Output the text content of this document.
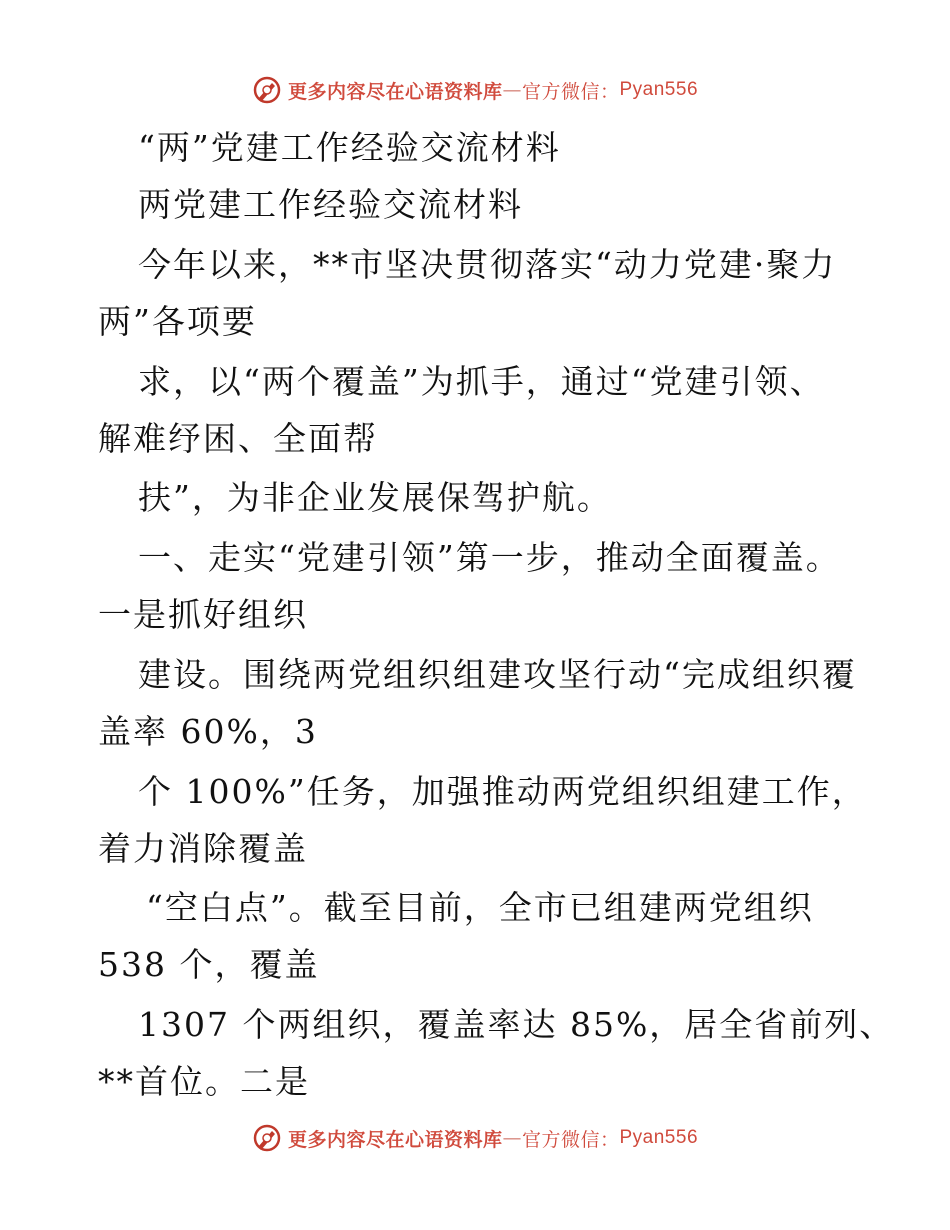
更多内容尽在心语资料库 — 官方微信： Pyan556
“两”党建工作经验交流材料
两党建工作经验交流材料
今年以来，**市坚决贯彻落实“动力党建·聚力
两”各项要
求，以“两个覆盖”为抓手，通过“党建引领、
解难纾困、全面帮
扶”，为非企业发展保驾护航。
一、走实“党建引领”第一步，推动全面覆盖。
一是抓好组织
建设。围绕两党组织组建攻坚行动“完成组织覆
盖率 60%，3
个 100%”任务，加强推动两党组织组建工作，
着力消除覆盖
“空白点”。截至目前，全市已组建两党组织
538 个，覆盖
1307 个两组织，覆盖率达 85%，居全省前列、
**首位。二是
更多内容尽在心语资料库 — 官方微信： Pyan556
